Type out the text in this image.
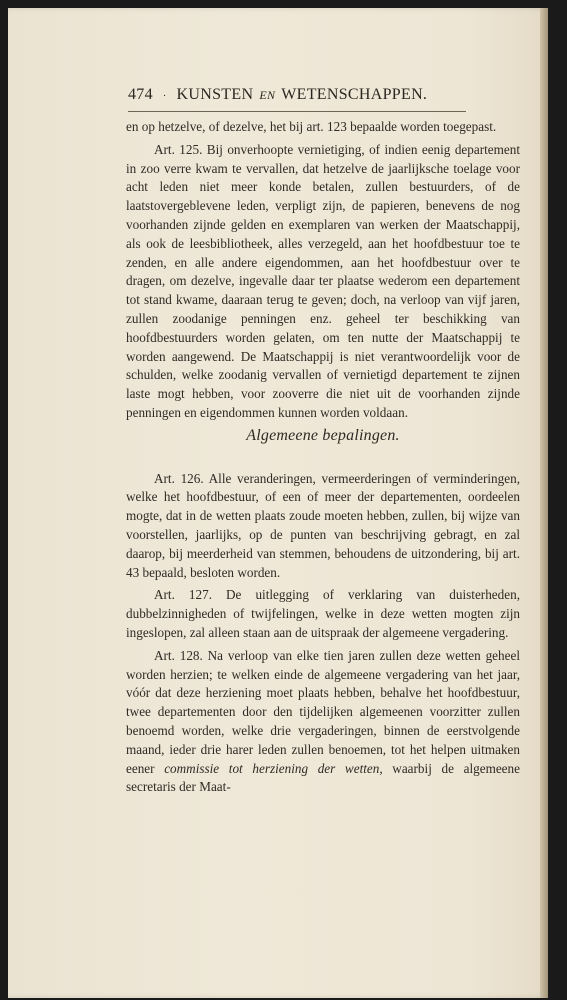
474 · KUNSTEN EN WETENSCHAPPEN.

en op hetzelve, of dezelve, het bij art. 123 bepaalde worden toegepast.

Art. 125. Bij onverhoopte vernietiging, of indien eenig departement in zoo verre kwam te vervallen, dat hetzelve de jaarlijksche toelage voor acht leden niet meer konde betalen, zullen bestuurders, of de laatstovergeblevene leden, verpligt zijn, de papieren, benevens de nog voorhanden zijnde gelden en exemplaren van werken der Maatschappij, als ook de leesbibliotheek, alles verzegeld, aan het hoofdbestuur toe te zenden, en alle andere eigendommen, aan het hoofdbestuur over te dragen, om dezelve, ingevalle daar ter plaatse wederom een departement tot stand kwame, daaraan terug te geven; doch, na verloop van vijf jaren, zullen zoodanige penningen enz. geheel ter beschikking van hoofdbestuurders worden gelaten, om ten nutte der Maatschappij te worden aangewend. De Maatschappij is niet verantwoordelijk voor de schulden, welke zoodanig vervallen of vernietigd departement te zijnen laste mogt hebben, voor zooverre die niet uit de voorhanden zijnde penningen en eigendommen kunnen worden voldaan.

Algemeene bepalingen.

Art. 126. Alle veranderingen, vermeerderingen of verminderingen, welke het hoofdbestuur, of een of meer der departementen, oordeelen mogte, dat in de wetten plaats zoude moeten hebben, zullen, bij wijze van voorstellen, jaarlijks, op de punten van beschrijving gebragt, en zal daarop, bij meerderheid van stemmen, behoudens de uitzondering, bij art. 43 bepaald, besloten worden.

Art. 127. De uitlegging of verklaring van duisterheden, dubbelzinnigheden of twijfelingen, welke in deze wetten mogten zijn ingeslopen, zal alleen staan aan de uitspraak der algemeene vergadering.

Art. 128. Na verloop van elke tien jaren zullen deze wetten geheel worden herzien; te welken einde de algemeene vergadering van het jaar, vóór dat deze herziening moet plaats hebben, behalve het hoofdbestuur, twee departementen door den tijdelijken algemeenen voorzitter zullen benoemd worden, welke drie vergaderingen, binnen de eerstvolgende maand, ieder drie harer leden zullen benoemen, tot het helpen uitmaken eener commissie tot herziening der wetten, waarbij de algemeene secretaris der Maat-
